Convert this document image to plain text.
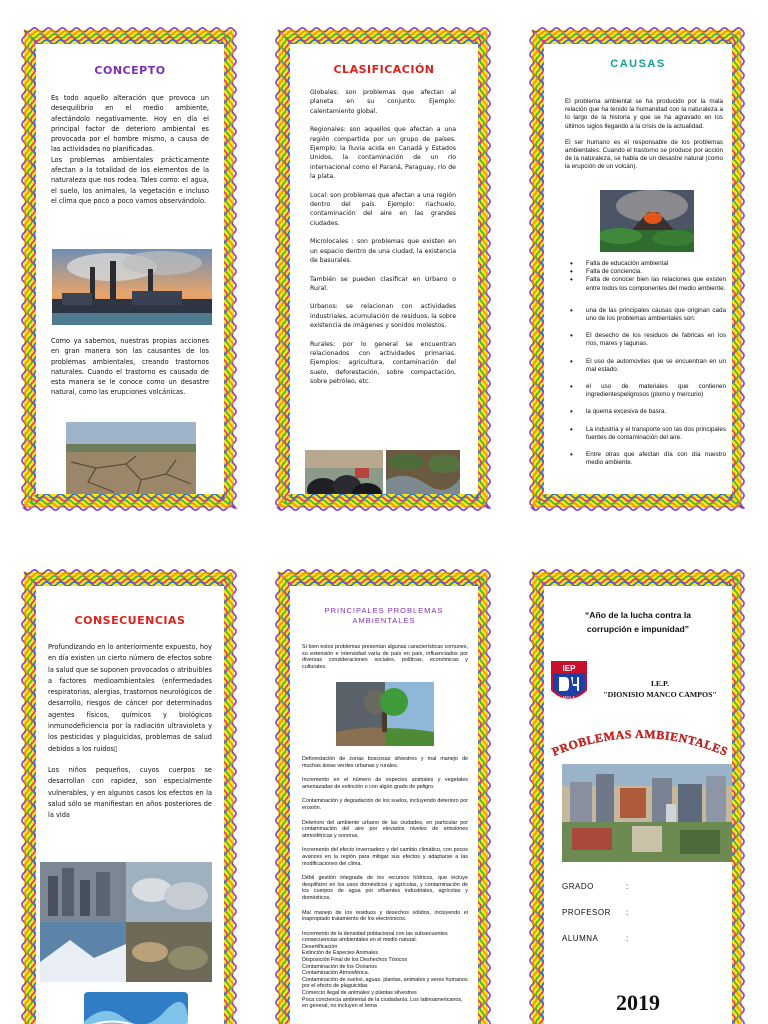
CONCEPTO

Es todo aquello alteración que provoca un desequilibrio en el medio ambiente, afectándolo negativamente. Hoy en día el principal factor de deterioro ambiental es provocada por el hombre mismo, a causa de las actividades no planificadas.

Los problemas ambientales prácticamente afectan a la totalidad de los elementos de la naturaleza que nos rodea. Tales como: el agua, el suelo, los animales, la vegetación e incluso el clima que poco a poco vamos observándolo.

Como ya sabemos, nuestras propias acciones en gran manera son las causantes de los problemas ambientales, creando trastornos naturales. Cuando el trastorno es causado de esta manera se le conoce como un desastre natural, como las erupciones volcánicas.
CLASIFICACIÓN

Globales: son problemas que afectan al planeta en su conjunto. Ejemplo: calentamiento global.

Regionales: son aquellos que afectan a una región compartida por un grupo de países. Ejemplo: la lluvia acida en Canadá y Estados Unidos, la contaminación de un río internacional como el Paraná, Paraguay, río de la plata.

Local: son problemas que afectan a una región dentro del país. Ejemplo: riachuelo, contaminación del aire en las grandes ciudades.

Microlocales : son problemas que existen en un espacio dentro de una ciudad, la existencia de basurales.

También se pueden clasificar en Urbano o Rural.

Urbanos: se relacionan con actividades industriales, acumulación de residuos, la sobre existencia de imágenes y sonidos molestos.

Rurales: por lo general se encuentran relacionados con actividades primarias. Ejemplos: agricultura, contaminación del suelo, deforestación, sobre compactación, sobre petróleo, etc.

CAUSAS

El problema ambiental se ha producido por la mala relación que ha tenido la humanidad con la naturaleza a lo largo de la historia y que se ha agravado en los últimos siglos llegando a la crisis de la actualidad.

El ser humano es el responsable de los problemas ambientales. Cuando el trastorno se produce por acción de la naturaleza, se habla de un desastre natural (como la erupción de un volcán).

• Falta de educación ambiental
• Falta de conciencia.
• Falta de conocer bien las relaciones que existen entre todos los componentes del medio ambiente.
• una de las principales causas que originan cada uno de los problemas ambientales son:
• El desecho de los residuos de fabricas en los ríos, mares y lagunas.
• El uso de automoviles que se encuentran en un mal estado.
• el uso de materiales que contienen ingredientespeligrosos (plomo y mercurio)
• la quema excesiva de basra.
• La industria y el transporte son las dos principales fuentes de contaminación del aire.
• Entre otras que afectan día con día nuestro medio ambiente.
CONSECUENCIAS

Profundizando en lo anteriormente expuesto, hoy en día existen un cierto número de efectos sobre la salud que se suponen provocados o atribuibles a factores medioambientales (enfermedades respiratorias, alergias, trastornos neurológicos de desarrollo, riesgos de cáncer por determinados agentes físicos, químicos y biológicos inmunodeficiencia por la radiación ultravioleta y los pesticidas y plaguicidas, problemas de salud debidos a los ruidos▯

Los niños pequeños, cuyos cuerpos se desarrollan con rapidez, son especialmente vulnerables, y en algunos casos los efectos en la salud sólo se manifiestan en años posteriores de la vida

PRINCIPALES PROBLEMAS
AMBIENTALES
Si bien estos problemas presentan algunas características comunes, su extensión e intensidad varía de país en país, influenciados por diversas consideraciones sociales, políticas, económicas y culturales.

Deforestación de zonas boscosas silvestres y mal manejo de muchas áreas verdes urbanas y rurales.

Incremento en el número de especies animales y vegetales amenazadas de extinción o con algún grado de peligro.

Contaminación y degradación de los suelos, incluyendo deterioro por erosión.

Deterioro del ambiente urbano de las ciudades, en particular por contaminación del aire por elevados niveles de emisiones atmosféricas y sonoras.

Incremento del efecto invernadero y del cambio climático, con pocos avances en la región para mitigar sus efectos y adaptarse a las modificaciones del clima.

Débil gestión integrada de los recursos hídricos, que incluye despilfarro en los usos domésticos y agrícolas, y contaminación de los cuerpos de agua por efluentes industriales, agrícolas y domésticos.

Mal manejo de los residuos y desechos sólidos, incluyendo el inapropiado tratamiento de los electrónicos.

Incremento de la densidad poblacional con las subsecuentes consecuencias ambientales en el medio natural.
Desertificación
Extinción de Especies Animales
Disposición Final de los Deshechos Tóxicos
Contaminación de los Océanos
Contaminación Atmosférica.
Contaminación de suelos, aguas, plantas, animales y seres humanos por el efecto de plaguicidas
Comercio ilegal de animales y plantas silvestres
Poca conciencia ambiental de la ciudadanía. Los latinoamericanos, en general, no incluyen el tema

“Año de la lucha contra la
corrupción e impunidad”
IEP
MALA
I.E.P.
"DIONISIO MANCO CAMPOS"
PROBLEMAS AMBIENTALES
GRADO	:
PROFESOR :
ALUMNA	:
2019
